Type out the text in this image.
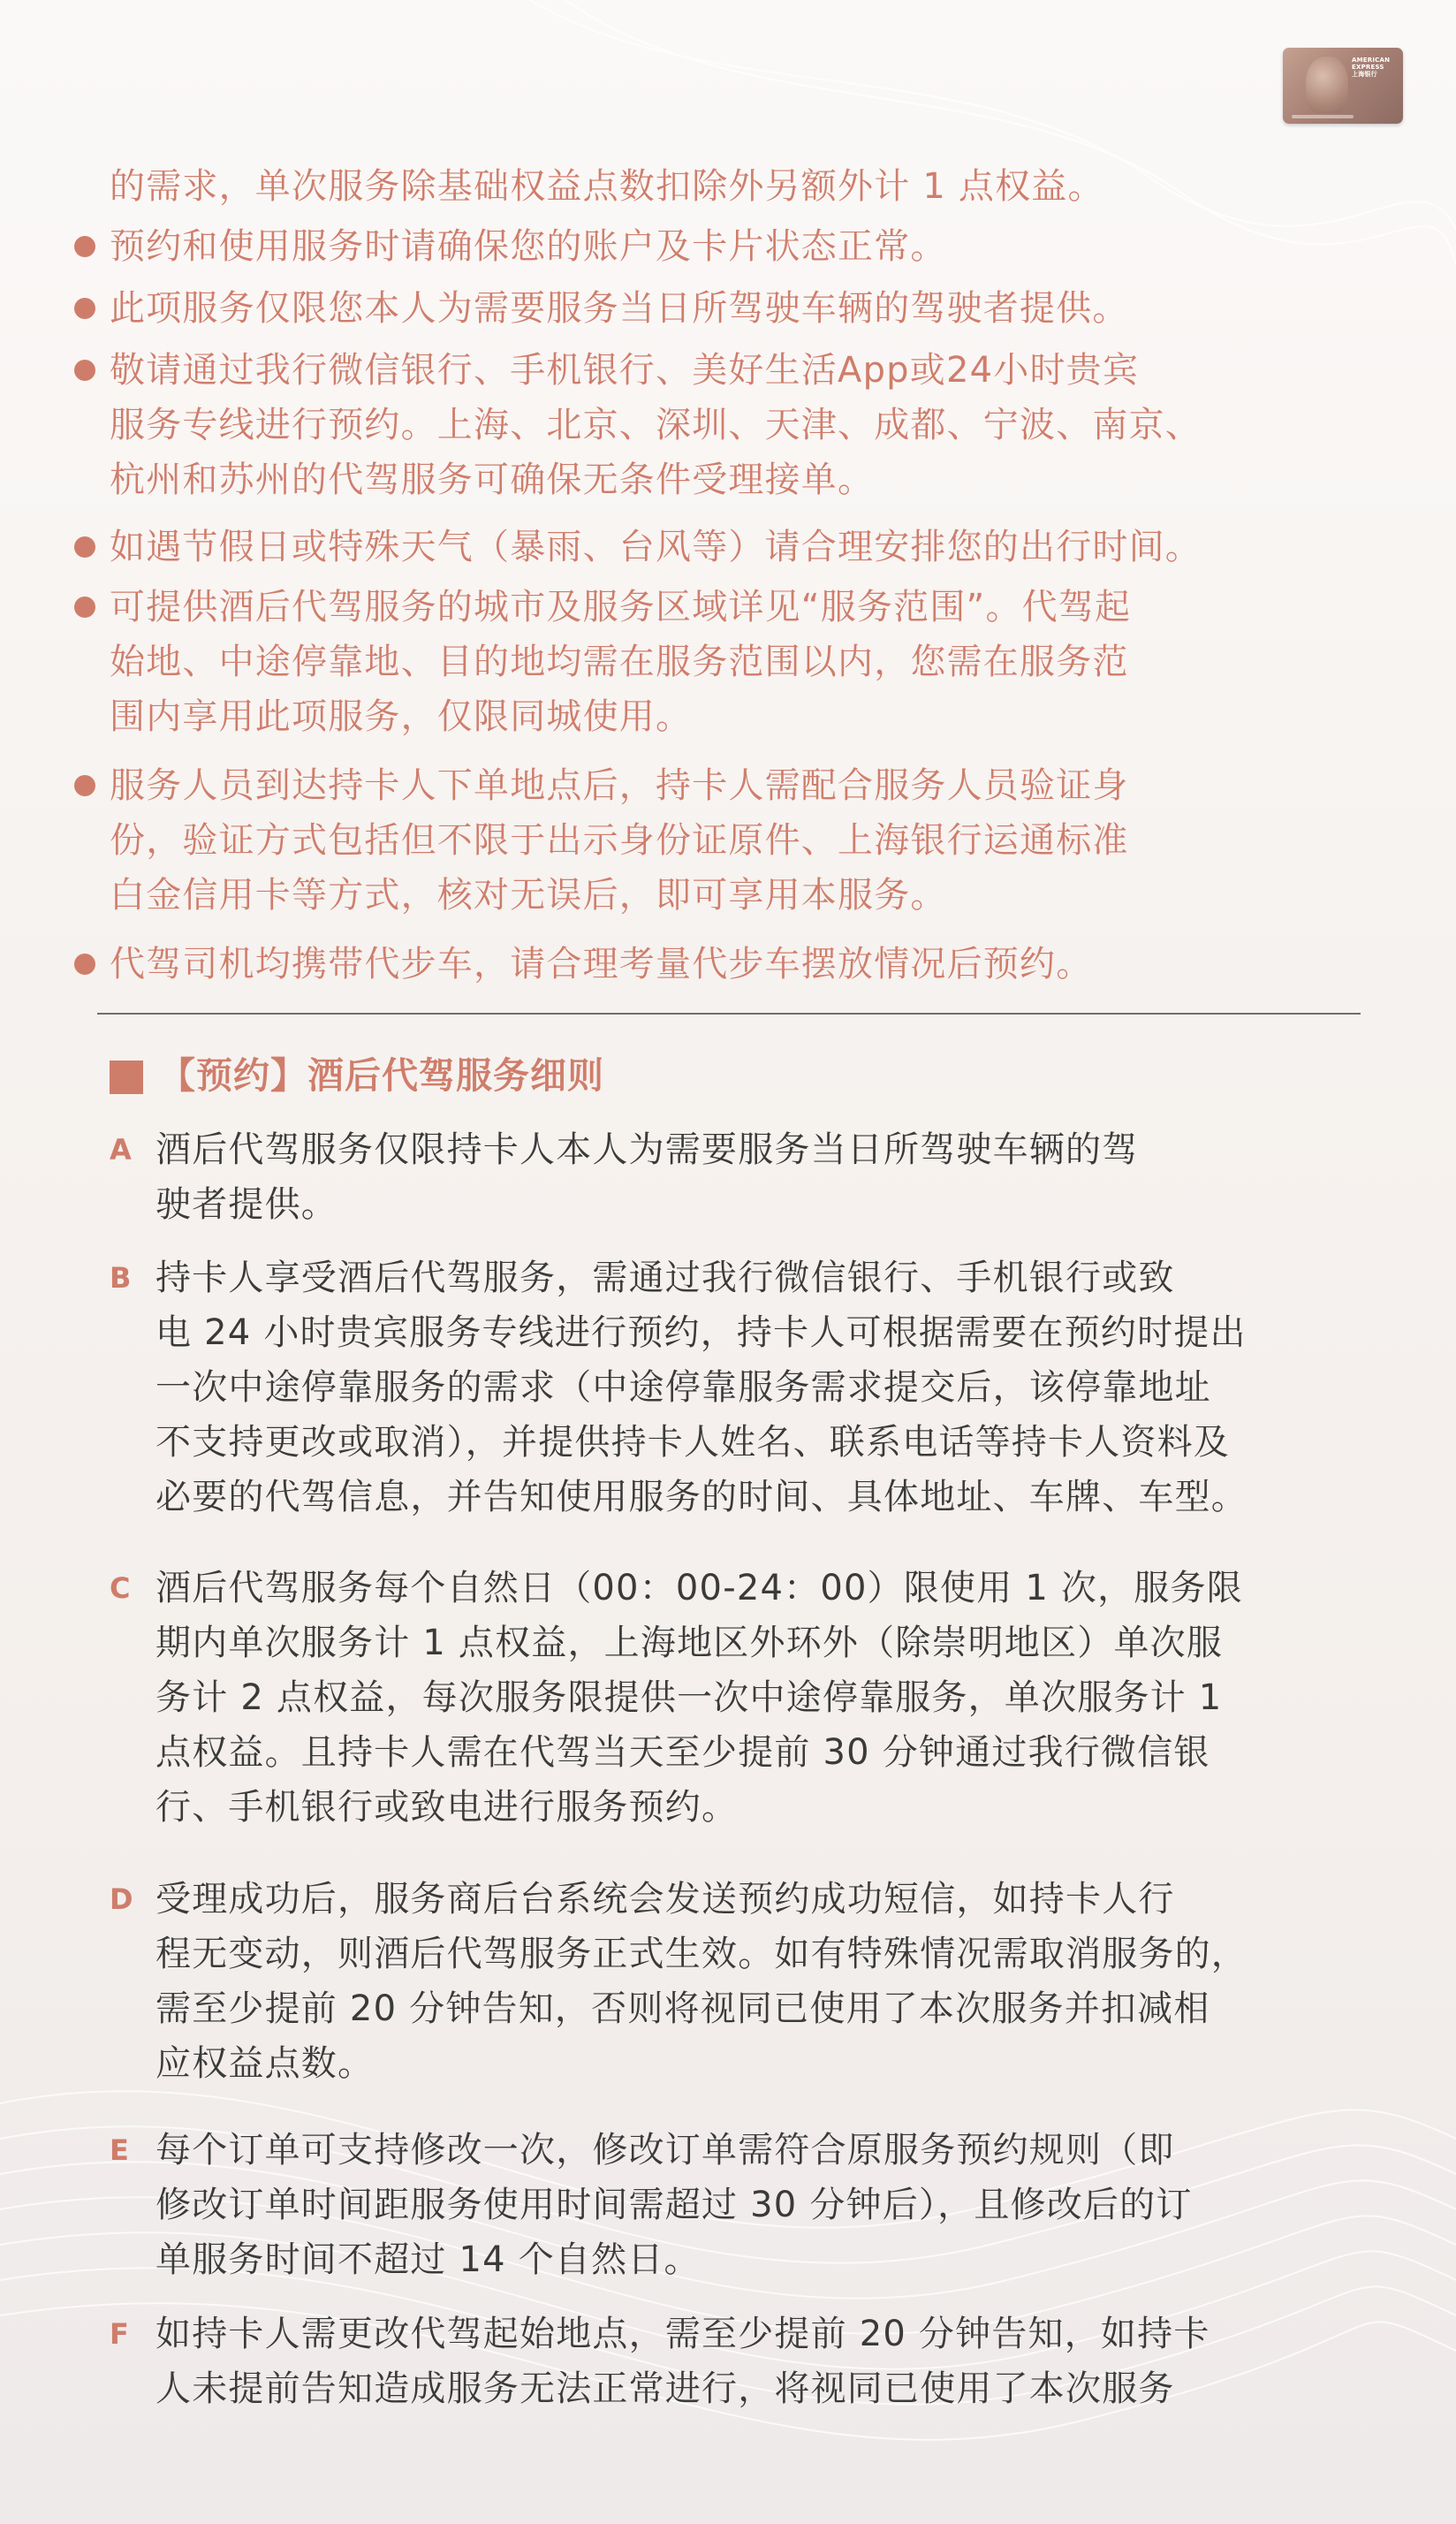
AMERICAN
EXPRESS
上海银行
的需求，单次服务除基础权益点数扣除外另额外计 1 点权益。
预约和使用服务时请确保您的账户及卡片状态正常。
此项服务仅限您本人为需要服务当日所驾驶车辆的驾驶者提供。
敬请通过我行微信银行、手机银行、美好生活App或24小时贵宾
服务专线进行预约。上海、北京、深圳、天津、成都、宁波、南京、
杭州和苏州的代驾服务可确保无条件受理接单。
如遇节假日或特殊天气（暴雨、台风等）请合理安排您的出行时间。
可提供酒后代驾服务的城市及服务区域详见“服务范围”。代驾起
始地、中途停靠地、目的地均需在服务范围以内，您需在服务范
围内享用此项服务，仅限同城使用。
服务人员到达持卡人下单地点后，持卡人需配合服务人员验证身
份，验证方式包括但不限于出示身份证原件、上海银行运通标准
白金信用卡等方式，核对无误后，即可享用本服务。
代驾司机均携带代步车，请合理考量代步车摆放情况后预约。
【预约】酒后代驾服务细则
A 酒后代驾服务仅限持卡人本人为需要服务当日所驾驶车辆的驾
驶者提供。
B 持卡人享受酒后代驾服务，需通过我行微信银行、手机银行或致
电 24 小时贵宾服务专线进行预约，持卡人可根据需要在预约时提出
一次中途停靠服务的需求（中途停靠服务需求提交后，该停靠地址
不支持更改或取消），并提供持卡人姓名、联系电话等持卡人资料及
必要的代驾信息，并告知使用服务的时间、具体地址、车牌、车型。
C 酒后代驾服务每个自然日（00：00-24：00）限使用 1 次，服务限
期内单次服务计 1 点权益，上海地区外环外（除崇明地区）单次服
务计 2 点权益，每次服务限提供一次中途停靠服务，单次服务计 1
点权益。且持卡人需在代驾当天至少提前 30 分钟通过我行微信银
行、手机银行或致电进行服务预约。
D 受理成功后，服务商后台系统会发送预约成功短信，如持卡人行
程无变动，则酒后代驾服务正式生效。如有特殊情况需取消服务的，
需至少提前 20 分钟告知，否则将视同已使用了本次服务并扣减相
应权益点数。
E 每个订单可支持修改一次，修改订单需符合原服务预约规则（即
修改订单时间距服务使用时间需超过 30 分钟后），且修改后的订
单服务时间不超过 14 个自然日。
F 如持卡人需更改代驾起始地点，需至少提前 20 分钟告知，如持卡
人未提前告知造成服务无法正常进行，将视同已使用了本次服务
